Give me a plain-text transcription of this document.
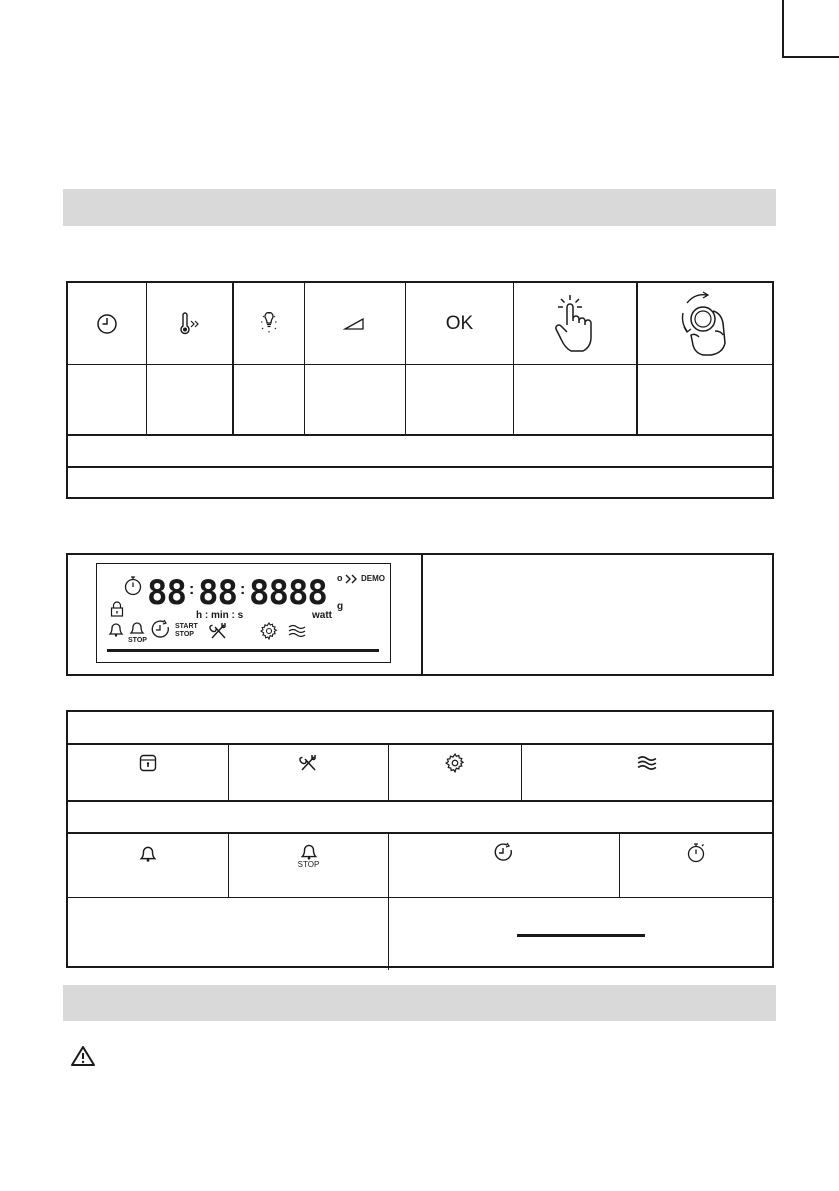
OK
88 : 88 : 8888 o DEMO
g
h : min : s	watt
STOP
START
STOP
STOP
